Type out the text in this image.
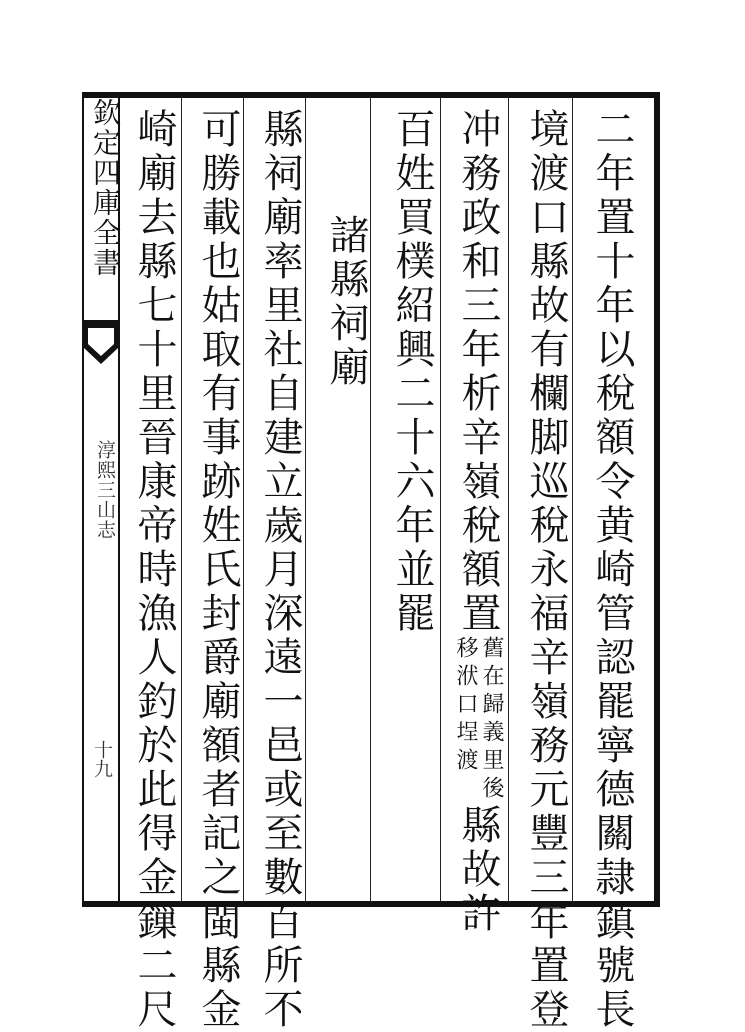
欽定四庫全書
淳熙三山志
十九	二年置十年以稅額令黄崎管認罷寧德關隷鎮號長
境渡口縣故有欄脚巡稅永福辛嶺務元豐三年置登
冲務政和三年析辛嶺稅額置
舊在歸義里後
移洑口埕渡
縣故許
百姓買樸紹興二十六年並罷
諸縣祠廟
縣祠廟率里社自建立歲月深遠一邑或至數百所不
可勝載也姑取有事跡姓氏封爵廟額者記之閩縣金
崎廟去縣七十里晉康帝時漁人釣於此得金鏁二尺
